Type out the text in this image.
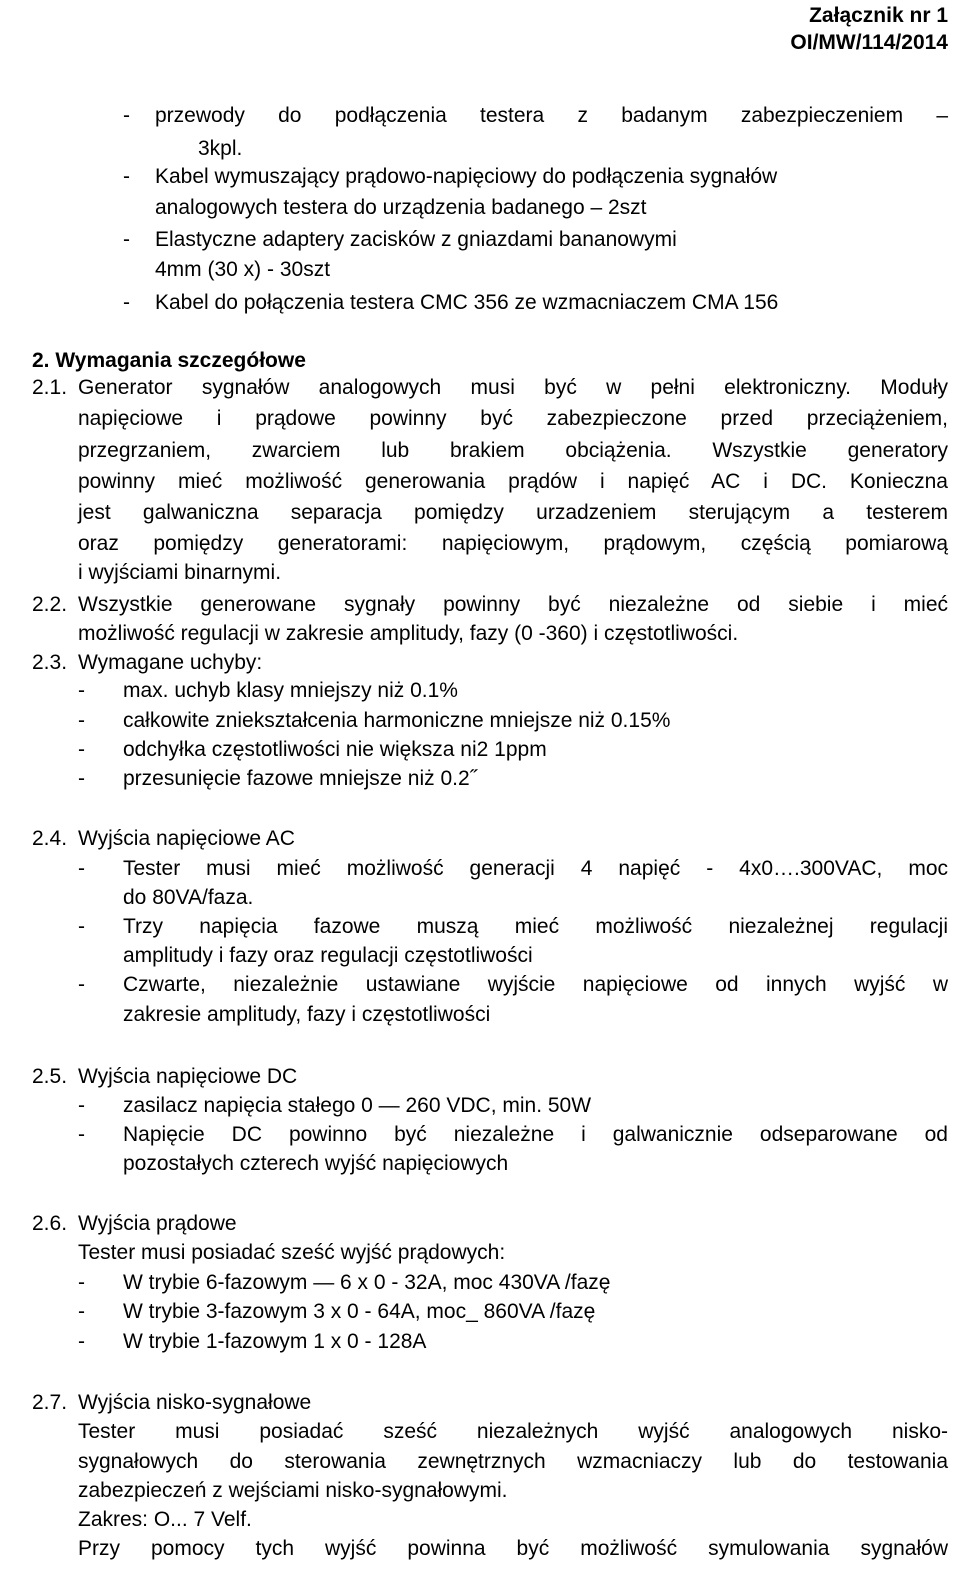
Załącznik nr 1
OI/MW/114/2014
- przewody do podłączenia testera z badanym zabezpieczeniem –
3kpl.
- Kabel wymuszający prądowo-napięciowy do podłączenia sygnałów
analogowych testera do urządzenia badanego – 2szt
- Elastyczne adaptery zacisków z gniazdami bananowymi
4mm (30 x) - 30szt
- Kabel do połączenia testera CMC 356 ze wzmacniaczem CMA 156
2. Wymagania szczegółowe
2.1. Generator sygnałów analogowych musi być w pełni elektroniczny. Moduły
napięciowe i prądowe powinny być zabezpieczone przed przeciążeniem,
przegrzaniem, zwarciem lub brakiem obciążenia. Wszystkie generatory
powinny mieć możliwość generowania prądów i napięć AC i DC. Konieczna
jest galwaniczna separacja pomiędzy urzadzeniem sterującym a testerem
oraz pomiędzy generatorami: napięciowym, prądowym, częścią pomiarową
i wyjściami binarnymi.
2.2. Wszystkie generowane sygnały powinny być niezależne od siebie i mieć
możliwość regulacji w zakresie amplitudy, fazy (0 -360) i częstotliwości.
2.3. Wymagane uchyby:
- max. uchyb klasy mniejszy niż 0.1%
- całkowite zniekształcenia harmoniczne mniejsze niż 0.15%
- odchyłka częstotliwości nie większa ni2 1ppm
- przesunięcie fazowe mniejsze niż 0.2˝
2.4. Wyjścia napięciowe AC
- Tester musi mieć możliwość generacji 4 napięć - 4x0….300VAC, moc
do 80VA/faza.
- Trzy napięcia fazowe muszą mieć możliwość niezależnej regulacji
amplitudy i fazy oraz regulacji częstotliwości
- Czwarte, niezależnie ustawiane wyjście napięciowe od innych wyjść w
zakresie amplitudy, fazy i częstotliwości
2.5. Wyjścia napięciowe DC
- zasilacz napięcia stałego 0 — 260 VDC, min. 50W
- Napięcie DC powinno być niezależne i galwanicznie odseparowane od
pozostałych czterech wyjść napięciowych
2.6. Wyjścia prądowe
Tester musi posiadać sześć wyjść prądowych:
- W trybie 6-fazowym — 6 x 0 - 32A, moc 430VA /fazę
- W trybie 3-fazowym 3 x 0 - 64A, moc_ 860VA /fazę
- W trybie 1-fazowym 1 x 0 - 128A
2.7. Wyjścia nisko-sygnałowe
Tester musi posiadać sześć niezależnych wyjść analogowych nisko-
sygnałowych do sterowania zewnętrznych wzmacniaczy lub do testowania
zabezpieczeń z wejściami nisko-sygnałowymi.
Zakres: O... 7 Velf.
Przy pomocy tych wyjść powinna być możliwość symulowania sygnałów
